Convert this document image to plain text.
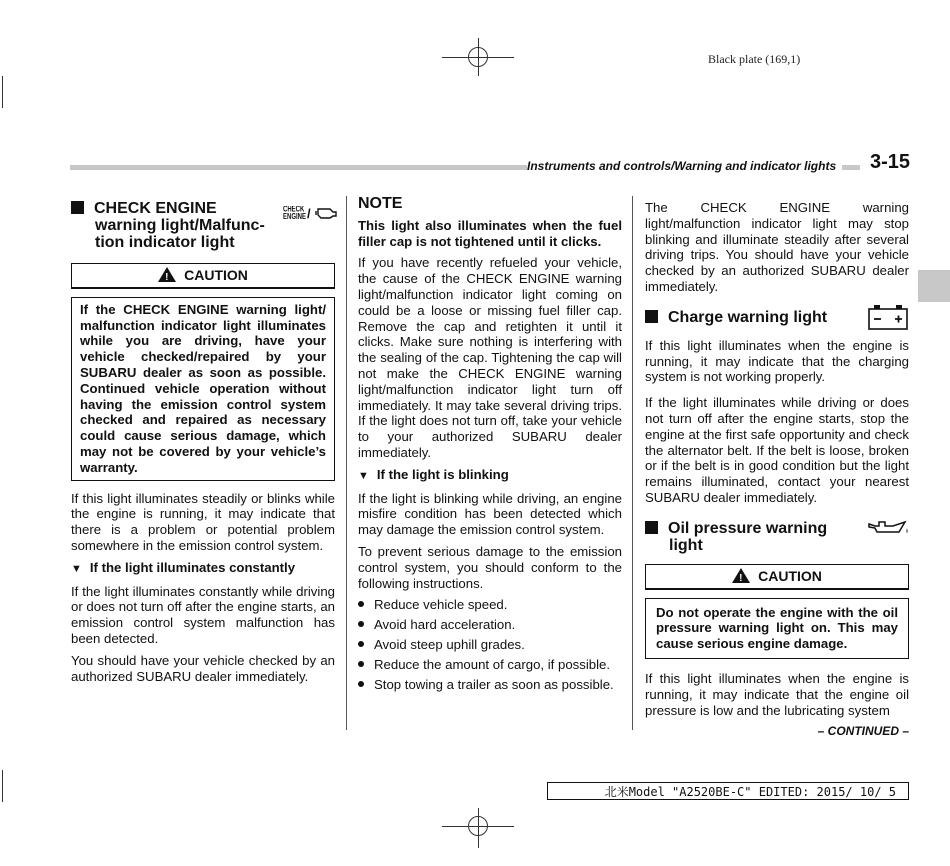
Black plate (169,1)
Instruments and controls/Warning and indicator lights	3-15
CHECK ENGINE
warning light/Malfunc-
tion indicator light
CHECK
ENGINE /
! CAUTION
If the CHECK ENGINE warning light/ malfunction indicator light illuminates while you are driving, have your vehicle checked/repaired by your SUBARU dealer as soon as possible. Continued vehicle operation without having the emission control system checked and repaired as necessary could cause serious damage, which may not be covered by your vehicle’s warranty.

If this light illuminates steadily or blinks while the engine is running, it may indicate that there is a problem or potential problem somewhere in the emission control system.

▼ If the light illuminates constantly

If the light illuminates constantly while driving or does not turn off after the engine starts, an emission control system malfunction has been detected.

You should have your vehicle checked by an authorized SUBARU dealer immediately.

NOTE

This light also illuminates when the fuel filler cap is not tightened until it clicks.

If you have recently refueled your vehicle, the cause of the CHECK ENGINE warning light/malfunction indicator light coming on could be a loose or missing fuel filler cap. Remove the cap and retighten it until it clicks. Make sure nothing is interfering with the sealing of the cap. Tightening the cap will not make the CHECK ENGINE warning light/malfunction indicator light turn off immediately. It may take several driving trips. If the light does not turn off, take your vehicle to your authorized SUBARU dealer immediately.

▼ If the light is blinking

If the light is blinking while driving, an engine misfire condition has been detected which may damage the emission control system.

To prevent serious damage to the emission control system, you should conform to the following instructions.

Reduce vehicle speed.
Avoid hard acceleration.
Avoid steep uphill grades.
Reduce the amount of cargo, if possible.
Stop towing a trailer as soon as possible.

The CHECK ENGINE warning light/malfunction indicator light may stop blinking and illuminate steadily after several driving trips. You should have your vehicle checked by an authorized SUBARU dealer immediately.

Charge warning light

If this light illuminates when the engine is running, it may indicate that the charging system is not working properly.

If the light illuminates while driving or does not turn off after the engine starts, stop the engine at the first safe opportunity and check the alternator belt. If the belt is loose, broken or if the belt is in good condition but the light remains illuminated, contact your nearest SUBARU dealer immediately.

Oil pressure warning
light
! CAUTION
Do not operate the engine with the oil pressure warning light on. This may cause serious engine damage.

If this light illuminates when the engine is running, it may indicate that the engine oil pressure is low and the lubricating system

– CONTINUED –
北米Model "A2520BE-C" EDITED: 2015/ 10/ 5
